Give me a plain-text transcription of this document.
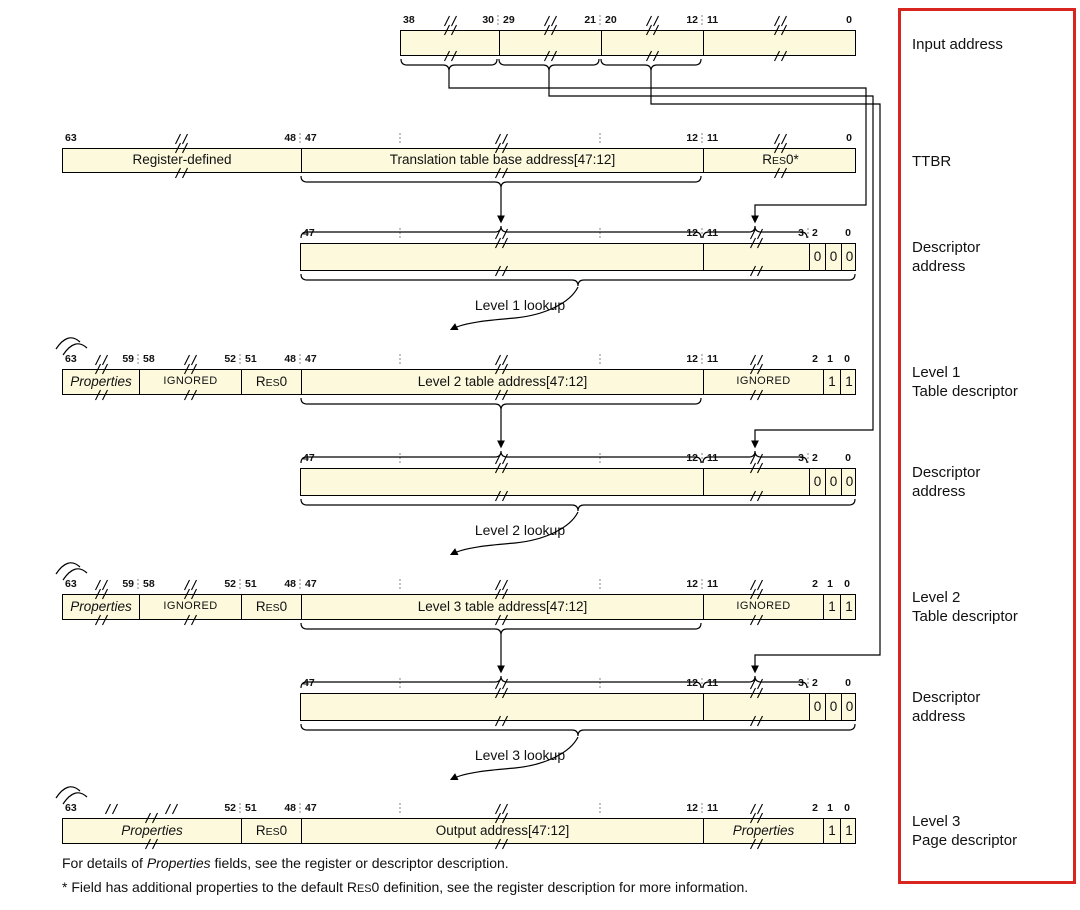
38	30 29	21 20	12 11	0
Register-defined	Translation table base address[47:12]	RES0*
63	48 47	12 11	0
0 0 0
47	12 11	3 2	0
Properties	IGNORED	RES0	Level 2 table address[47:12]	IGNORED	1 1
63	59 58	52 51	48 47	12 11	2 1	0
0 0 0
47	12 11	3 2	0
Properties	IGNORED	RES0	Level 3 table address[47:12]	IGNORED	1 1
63	59 58	52 51	48 47	12 11	2 1	0
0 0 0
47	12 11	3 2	0
Properties	RES0	Output address[47:12]	Properties	1 1
63	52 51	48 47	12 11	2 1	0
Level 1 lookup
Level 2 lookup
Level 3 lookup
Input address
TTBR
Descriptor
address
Level 1
Table descriptor
Descriptor
address
Level 2
Table descriptor
Descriptor
address
Level 3
Page descriptor
For details of Properties fields, see the register or descriptor description.
* Field has additional properties to the default RES0 definition, see the register description for more information.
